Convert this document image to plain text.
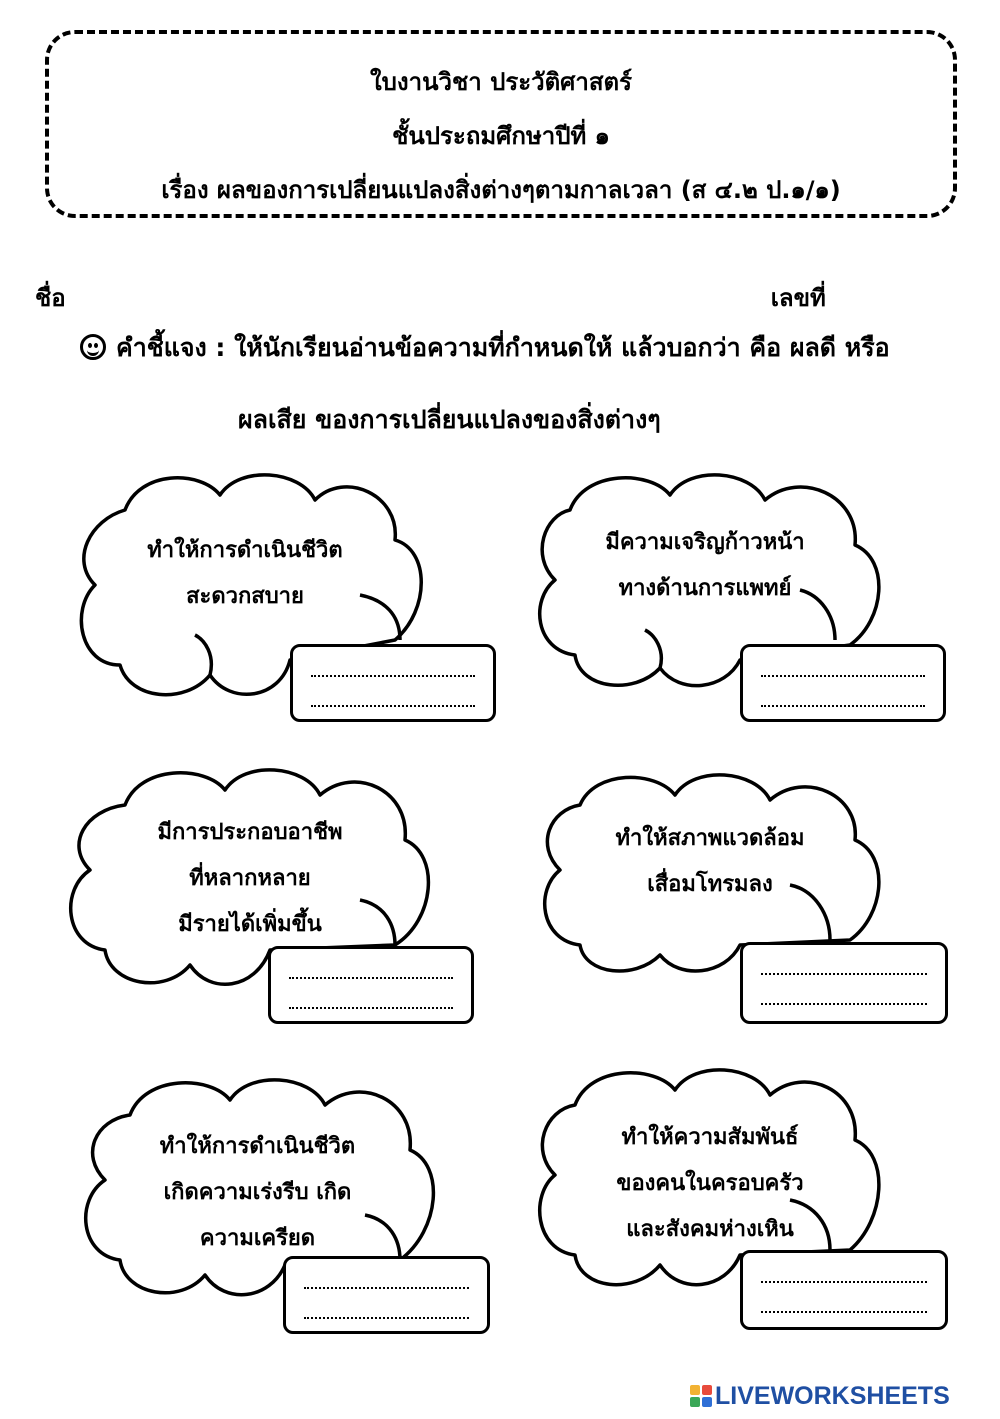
ใบงานวิชา ประวัติศาสตร์
ชั้นประถมศึกษาปีที่ ๑
เรื่อง ผลของการเปลี่ยนแปลงสิ่งต่างๆตามกาลเวลา (ส ๔.๒ ป.๑/๑)
ชื่อ	เลขที่
คำชี้แจง : ให้นักเรียนอ่านข้อความที่กำหนดให้ แล้วบอกว่า คือ ผลดี หรือ
ผลเสีย ของการเปลี่ยนแปลงของสิ่งต่างๆ
ทำให้การดำเนินชีวิต
สะดวกสบาย
มีความเจริญก้าวหน้า
ทางด้านการแพทย์
มีการประกอบอาชีพ
ที่หลากหลาย
มีรายได้เพิ่มขึ้น
ทำให้สภาพแวดล้อม
เสื่อมโทรมลง
ทำให้การดำเนินชีวิต
เกิดความเร่งรีบ เกิด
ความเครียด
ทำให้ความสัมพันธ์
ของคนในครอบครัว
และสังคมห่างเหิน
LIVEWORKSHEETS
